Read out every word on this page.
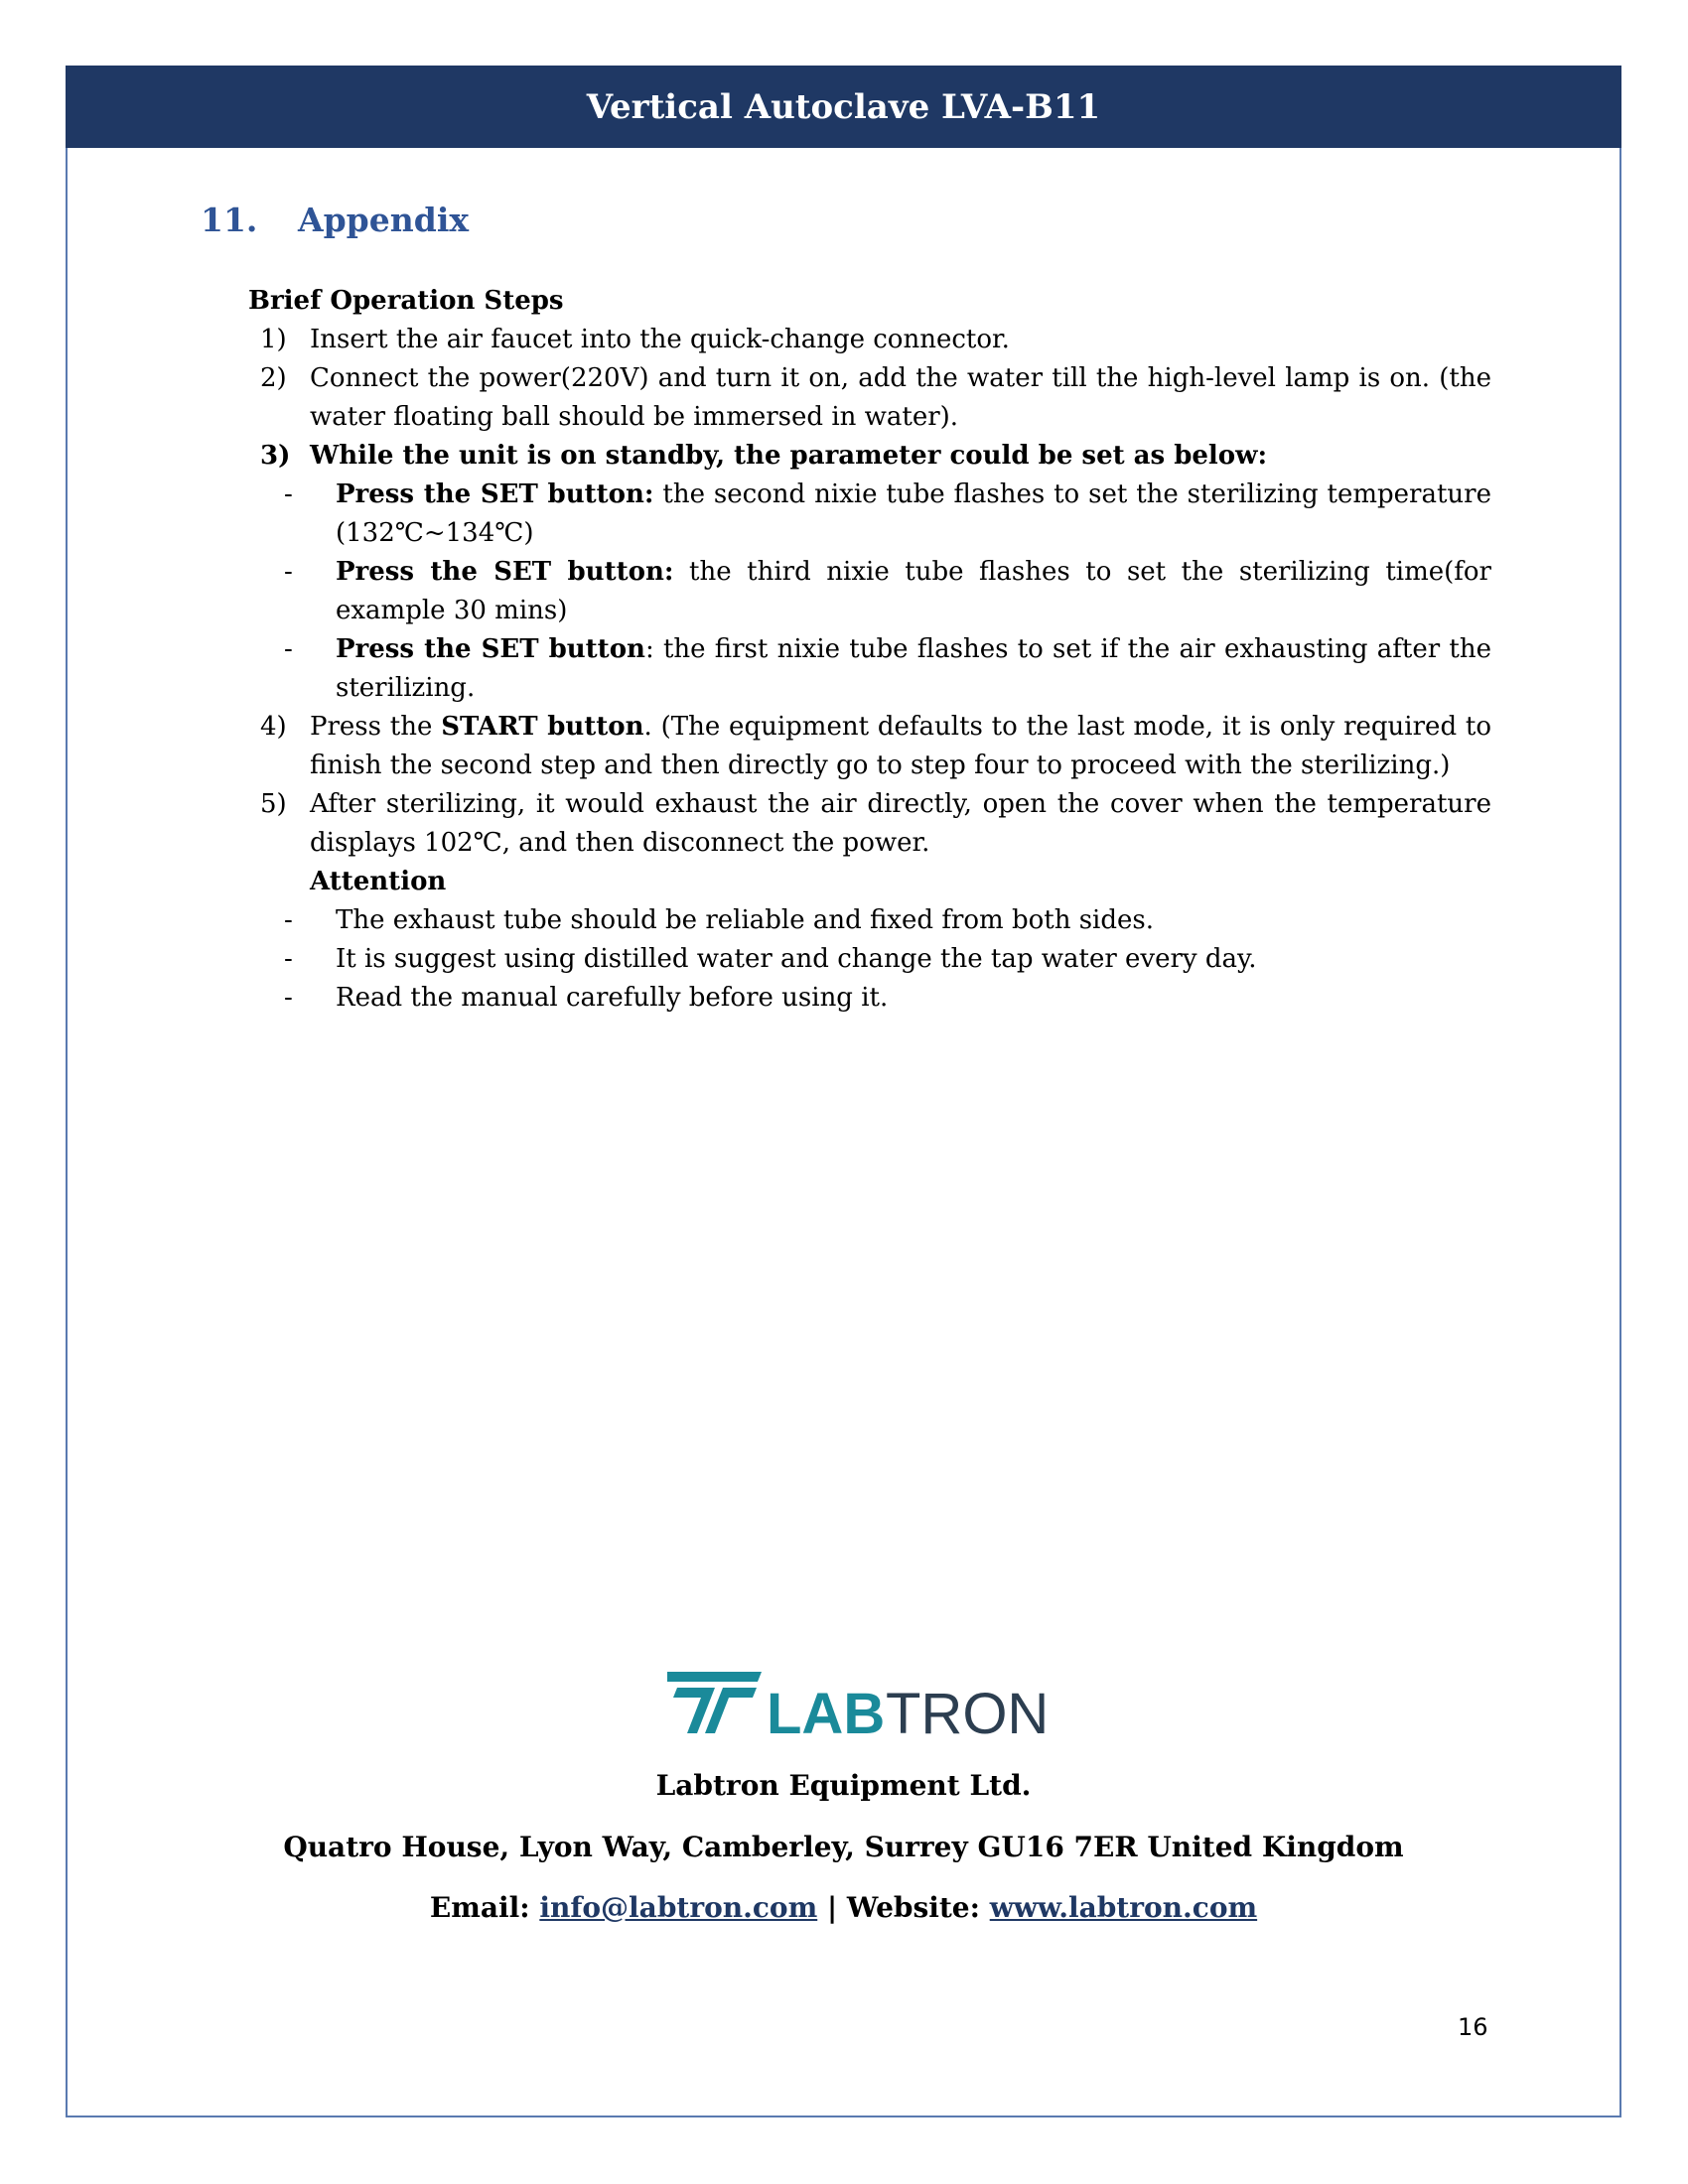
Vertical Autoclave LVA-B11
11.	Appendix

Brief Operation Steps

1) Insert the air faucet into the quick-change connector.
2) Connect the power(220V) and turn it on, add the water till the high-level lamp is on. (the water floating ball should be immersed in water).
3) While the unit is on standby, the parameter could be set as below:
-	Press the SET button: the second nixie tube flashes to set the sterilizing temperature (132℃~134℃)
-	Press the SET button: the third nixie tube flashes to set the sterilizing time(for example 30 mins)
-	Press the SET button: the first nixie tube flashes to set if the air exhausting after the sterilizing.
4) Press the START button. (The equipment defaults to the last mode, it is only required to finish the second step and then directly go to step four to proceed with the sterilizing.)
5) After sterilizing, it would exhaust the air directly, open the cover when the temperature displays 102℃, and then disconnect the power.

Attention

-	The exhaust tube should be reliable and fixed from both sides.
-	It is suggest using distilled water and change the tap water every day.
-	Read the manual carefully before using it.
LAB TRON
Labtron Equipment Ltd.
Quatro House, Lyon Way, Camberley, Surrey GU16 7ER United Kingdom
Email: info@labtron.com | Website: www.labtron.com
16
